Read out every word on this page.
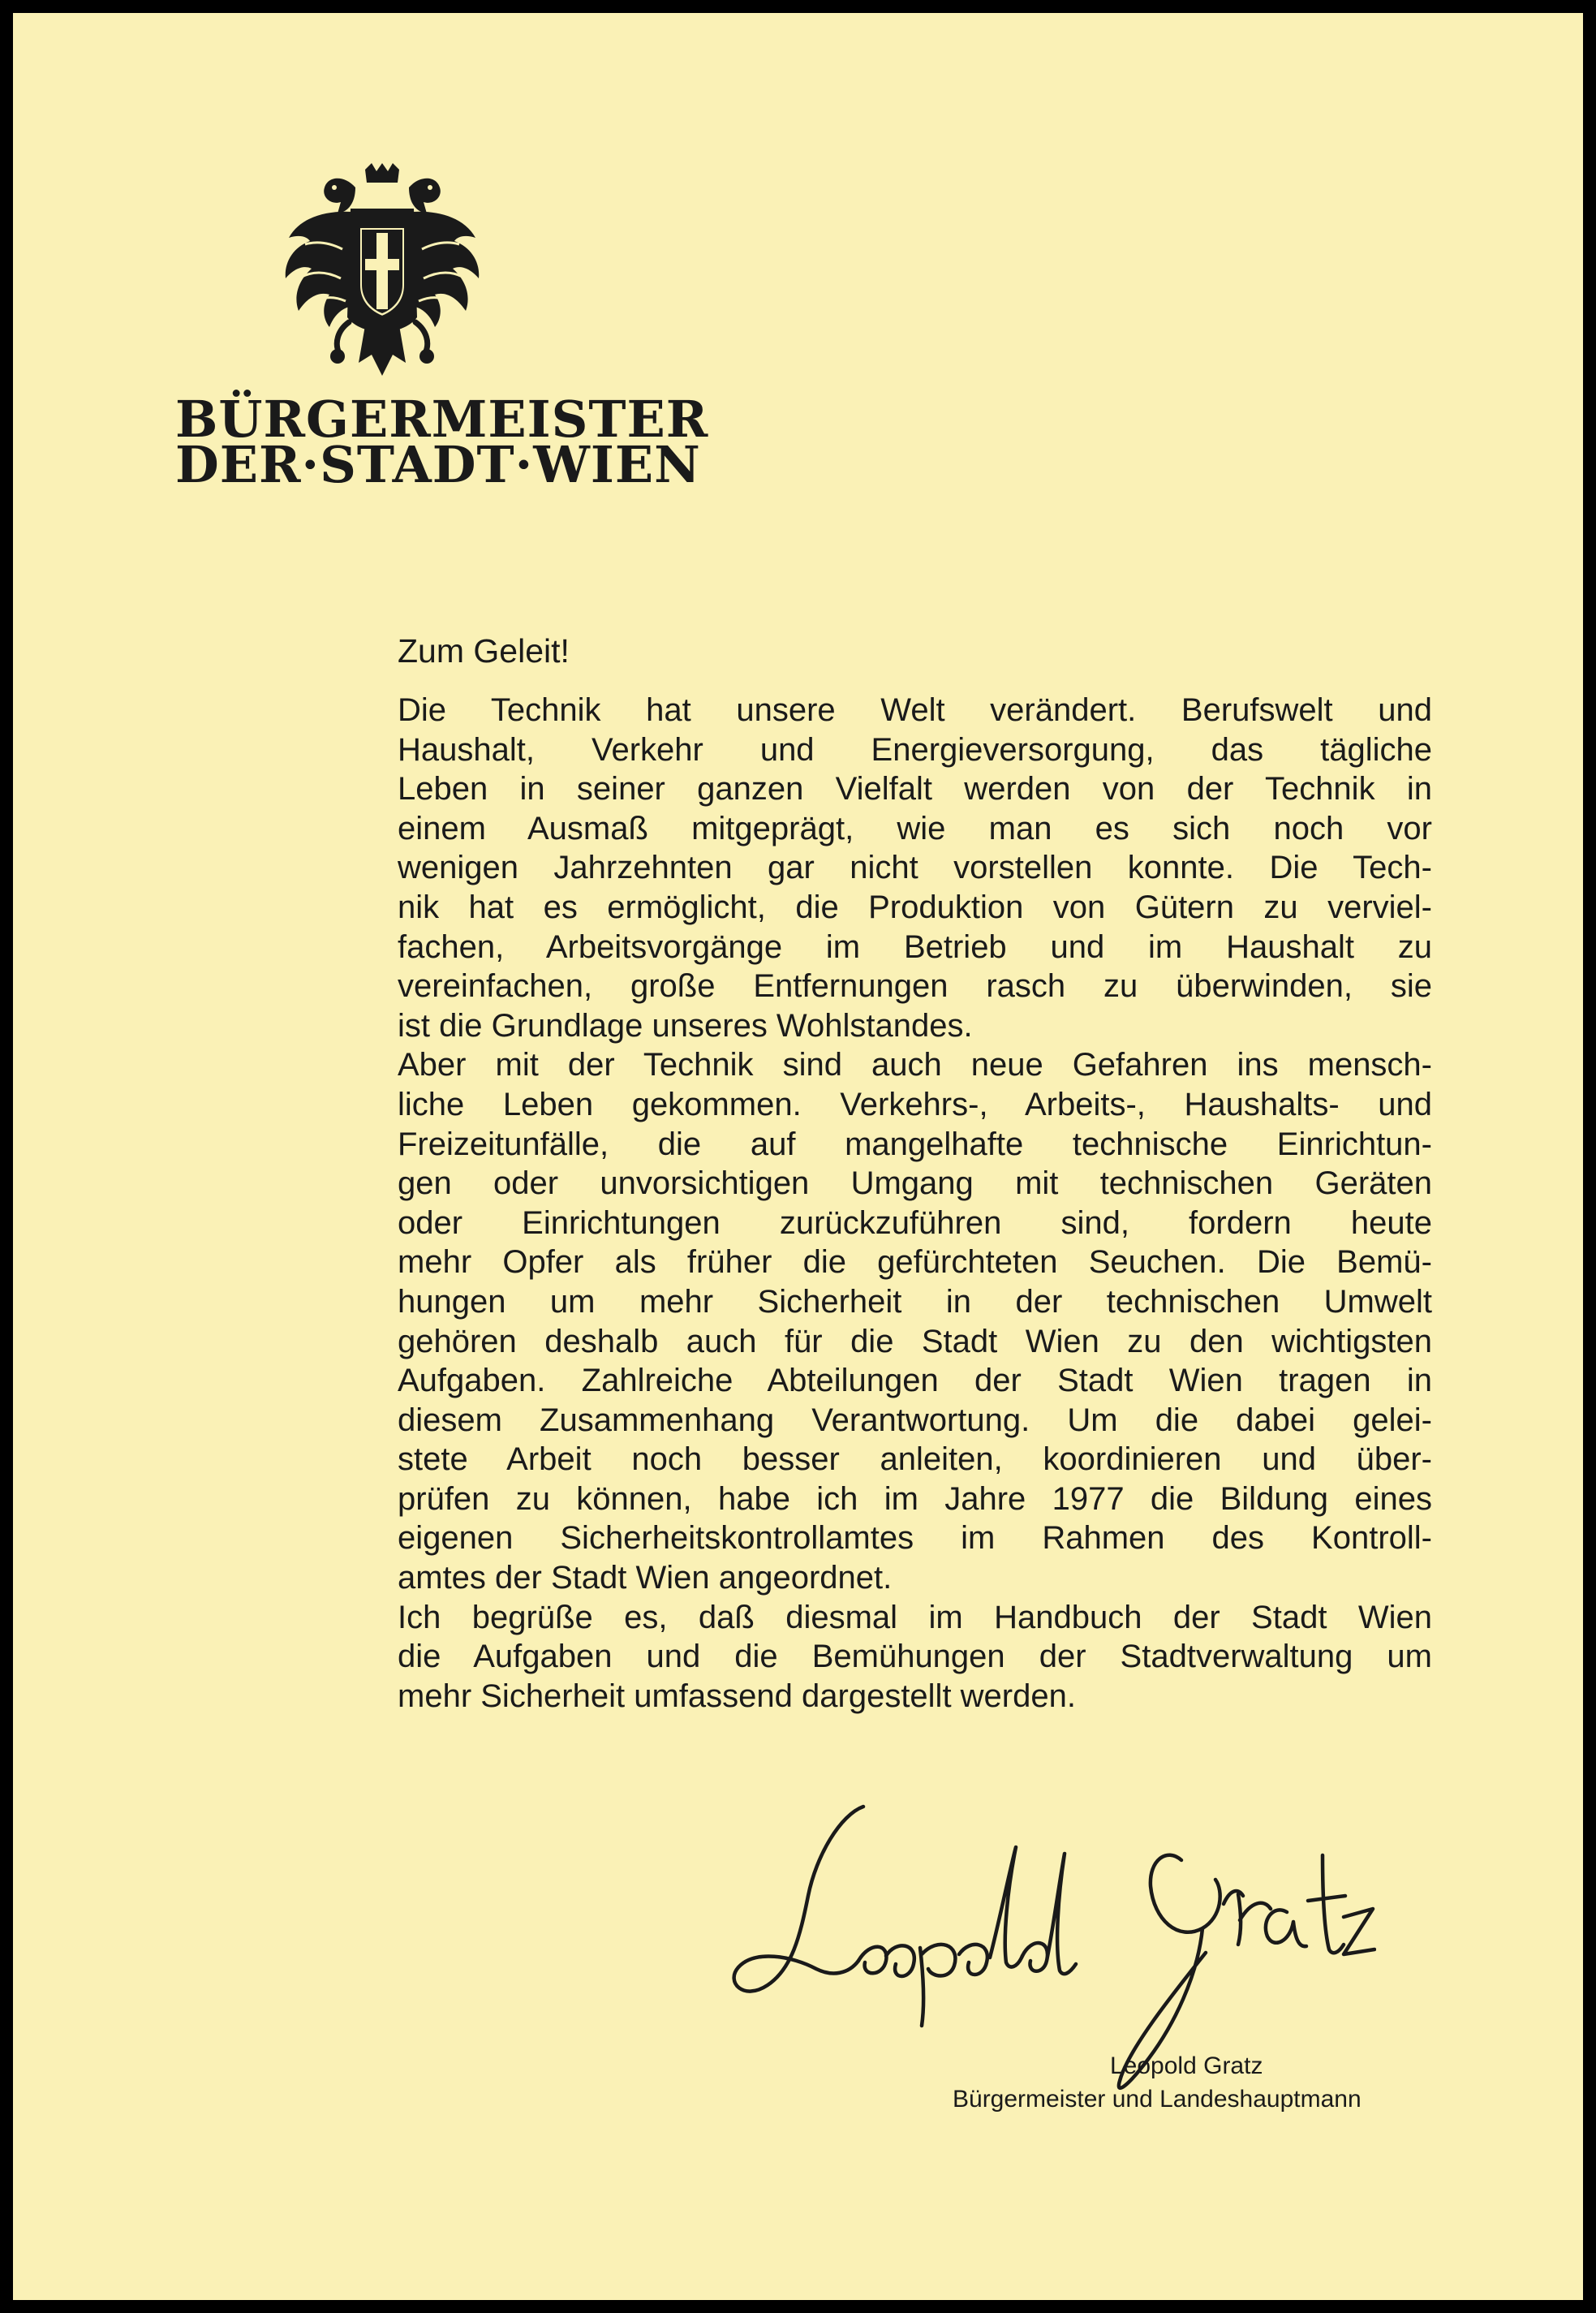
BÜRGERMEISTER
DER·STADT·WIEN
Zum Geleit!
Die Technik hat unsere Welt verändert. Berufswelt und
Haushalt, Verkehr und Energieversorgung, das tägliche
Leben in seiner ganzen Vielfalt werden von der Technik in
einem Ausmaß mitgeprägt, wie man es sich noch vor
wenigen Jahrzehnten gar nicht vorstellen konnte. Die Tech-
nik hat es ermöglicht, die Produktion von Gütern zu verviel-
fachen, Arbeitsvorgänge im Betrieb und im Haushalt zu
vereinfachen, große Entfernungen rasch zu überwinden, sie
ist die Grundlage unseres Wohlstandes.
Aber mit der Technik sind auch neue Gefahren ins mensch-
liche Leben gekommen. Verkehrs-, Arbeits-, Haushalts- und
Freizeitunfälle, die auf mangelhafte technische Einrichtun-
gen oder unvorsichtigen Umgang mit technischen Geräten
oder Einrichtungen zurückzuführen sind, fordern heute
mehr Opfer als früher die gefürchteten Seuchen. Die Bemü-
hungen um mehr Sicherheit in der technischen Umwelt
gehören deshalb auch für die Stadt Wien zu den wichtigsten
Aufgaben. Zahlreiche Abteilungen der Stadt Wien tragen in
diesem Zusammenhang Verantwortung. Um die dabei gelei-
stete Arbeit noch besser anleiten, koordinieren und über-
prüfen zu können, habe ich im Jahre 1977 die Bildung eines
eigenen Sicherheitskontrollamtes im Rahmen des Kontroll-
amtes der Stadt Wien angeordnet.
Ich begrüße es, daß diesmal im Handbuch der Stadt Wien
die Aufgaben und die Bemühungen der Stadtverwaltung um
mehr Sicherheit umfassend dargestellt werden.
Leopold Gratz
Bürgermeister und Landeshauptmann
